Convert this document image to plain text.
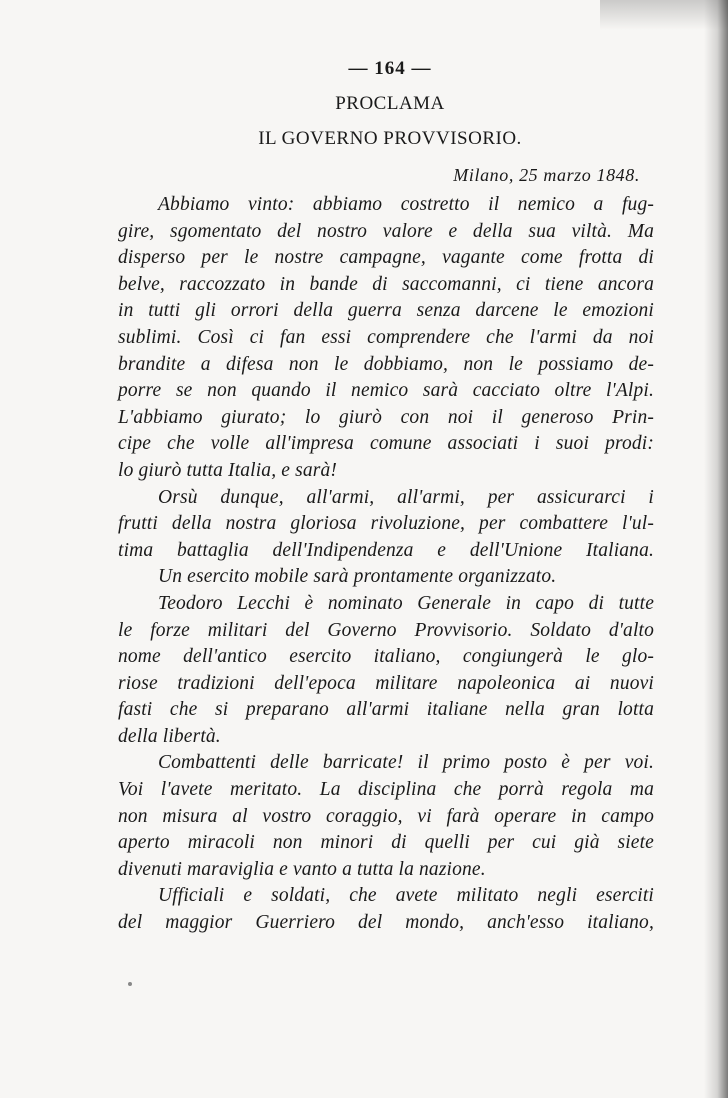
— 164 —
PROCLAMA
IL GOVERNO PROVVISORIO.
Milano, 25 marzo 1848.
Abbiamo vinto: abbiamo costretto il nemico a fug-
gire, sgomentato del nostro valore e della sua viltà. Ma
disperso per le nostre campagne, vagante come frotta di
belve, raccozzato in bande di saccomanni, ci tiene ancora
in tutti gli orrori della guerra senza darcene le emozioni
sublimi. Così ci fan essi comprendere che l'armi da noi
brandite a difesa non le dobbiamo, non le possiamo de-
porre se non quando il nemico sarà cacciato oltre l'Alpi.
L'abbiamo giurato; lo giurò con noi il generoso Prin-
cipe che volle all'impresa comune associati i suoi prodi:
lo giurò tutta Italia, e sarà!
Orsù dunque, all'armi, all'armi, per assicurarci i
frutti della nostra gloriosa rivoluzione, per combattere l'ul-
tima battaglia dell'Indipendenza e dell'Unione Italiana.
Un esercito mobile sarà prontamente organizzato.
Teodoro Lecchi è nominato Generale in capo di tutte
le forze militari del Governo Provvisorio. Soldato d'alto
nome dell'antico esercito italiano, congiungerà le glo-
riose tradizioni dell'epoca militare napoleonica ai nuovi
fasti che si preparano all'armi italiane nella gran lotta
della libertà.
Combattenti delle barricate! il primo posto è per voi.
Voi l'avete meritato. La disciplina che porrà regola ma
non misura al vostro coraggio, vi farà operare in campo
aperto miracoli non minori di quelli per cui già siete
divenuti maraviglia e vanto a tutta la nazione.
Ufficiali e soldati, che avete militato negli eserciti
del maggior Guerriero del mondo, anch'esso italiano,
